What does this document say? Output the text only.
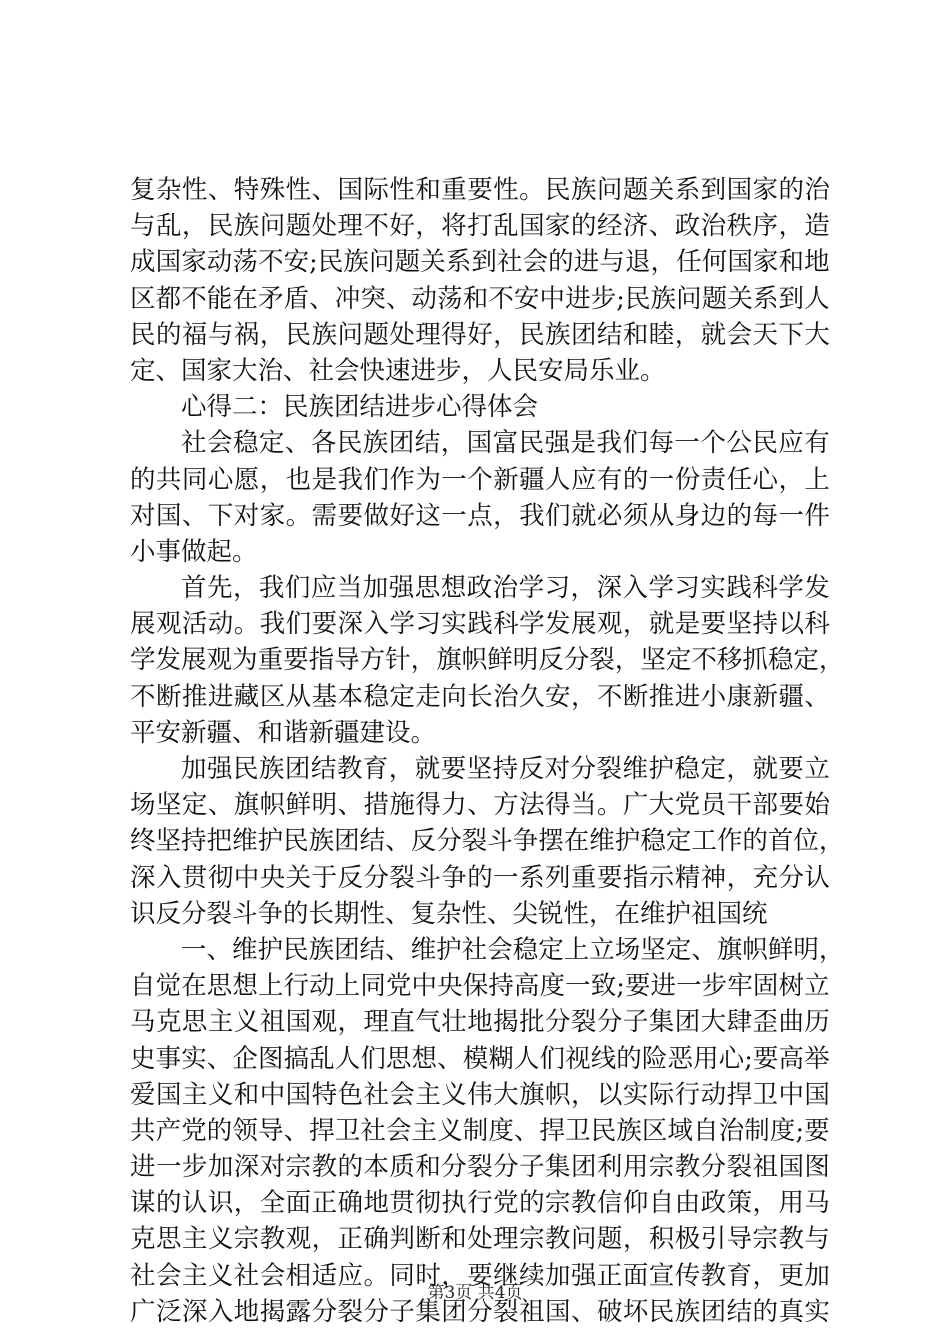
复 杂 性 、 特 殊 性 、 国 际 性 和 重 要 性 。 民 族 问 题 关 系 到 国 家 的 治
与 乱 ， 民 族 问 题 处 理 不 好 ， 将 打 乱 国 家 的 经 济 、 政 治 秩 序 ， 造
成 国 家 动 荡 不 安 ; 民 族 问 题 关 系 到 社 会 的 进 与 退 ， 任 何 国 家 和 地
区 都 不 能 在 矛 盾 、 冲 突 、 动 荡 和 不 安 中 进 步 ; 民 族 问 题 关 系 到 人
民 的 福 与 祸 ， 民 族 问 题 处 理 得 好 ， 民 族 团 结 和 睦 ， 就 会 天 下 大
定、国家大治、社会快速进步，人民安局乐业。
心得二：民族团结进步心得体会
社 会 稳 定 、 各 民 族 团 结 ， 国 富 民 强 是 我 们 每 一 个 公 民 应 有
的 共 同 心 愿 ， 也 是 我 们 作 为 一 个 新 疆 人 应 有 的 一 份 责 任 心 ， 上
对 国 、 下 对 家 。 需 要 做 好 这 一 点 ， 我 们 就 必 须 从 身 边 的 每 一 件
小事做起。
首 先 ， 我 们 应 当 加 强 思 想 政 治 学 习 ， 深 入 学 习 实 践 科 学 发
展 观 活 动 。 我 们 要 深 入 学 习 实 践 科 学 发 展 观 ， 就 是 要 坚 持 以 科
学 发 展 观 为 重 要 指 导 方 针 ， 旗 帜 鲜 明 反 分 裂 ， 坚 定 不 移 抓 稳 定 ，
不 断 推 进 藏 区 从 基 本 稳 定 走 向 长 治 久 安 ， 不 断 推 进 小 康 新 疆 、
平安新疆、和谐新疆建设。
加 强 民 族 团 结 教 育 ， 就 要 坚 持 反 对 分 裂 维 护 稳 定 ， 就 要 立
场 坚 定 、 旗 帜 鲜 明 、 措 施 得 力 、 方 法 得 当 。 广 大 党 员 干 部 要 始
终 坚 持 把 维 护 民 族 团 结 、 反 分 裂 斗 争 摆 在 维 护 稳 定 工 作 的 首 位 ，
深 入 贯 彻 中 央 关 于 反 分 裂 斗 争 的 一 系 列 重 要 指 示 精 神 ， 充 分 认
识反分裂斗争的长期性、复杂性、尖锐性，在维护祖国统
一 、 维 护 民 族 团 结 、 维 护 社 会 稳 定 上 立 场 坚 定 、 旗 帜 鲜 明 ，
自 觉 在 思 想 上 行 动 上 同 党 中 央 保 持 高 度 一 致 ; 要 进 一 步 牢 固 树 立
马 克 思 主 义 祖 国 观 ， 理 直 气 壮 地 揭 批 分 裂 分 子 集 团 大 肆 歪 曲 历
史 事 实 、 企 图 搞 乱 人 们 思 想 、 模 糊 人 们 视 线 的 险 恶 用 心 ; 要 高 举
爱 国 主 义 和 中 国 特 色 社 会 主 义 伟 大 旗 帜 ， 以 实 际 行 动 捍 卫 中 国
共 产 党 的 领 导 、 捍 卫 社 会 主 义 制 度 、 捍 卫 民 族 区 域 自 治 制 度 ; 要
进 一 步 加 深 对 宗 教 的 本 质 和 分 裂 分 子 集 团 利 用 宗 教 分 裂 祖 国 图
谋 的 认 识 ， 全 面 正 确 地 贯 彻 执 行 党 的 宗 教 信 仰 自 由 政 策 ， 用 马
克 思 主 义 宗 教 观 ， 正 确 判 断 和 处 理 宗 教 问 题 ， 积 极 引 导 宗 教 与
社 会 主 义 社 会 相 适 应 。 同 时 ， 要 继 续 加 强 正 面 宣 传 教 育 ， 更 加
广 泛 深 入 地 揭 露 分 裂 分 子 集 团 分 裂 祖 国 、 破 坏 民 族 团 结 的 真 实
第3页 共4页
